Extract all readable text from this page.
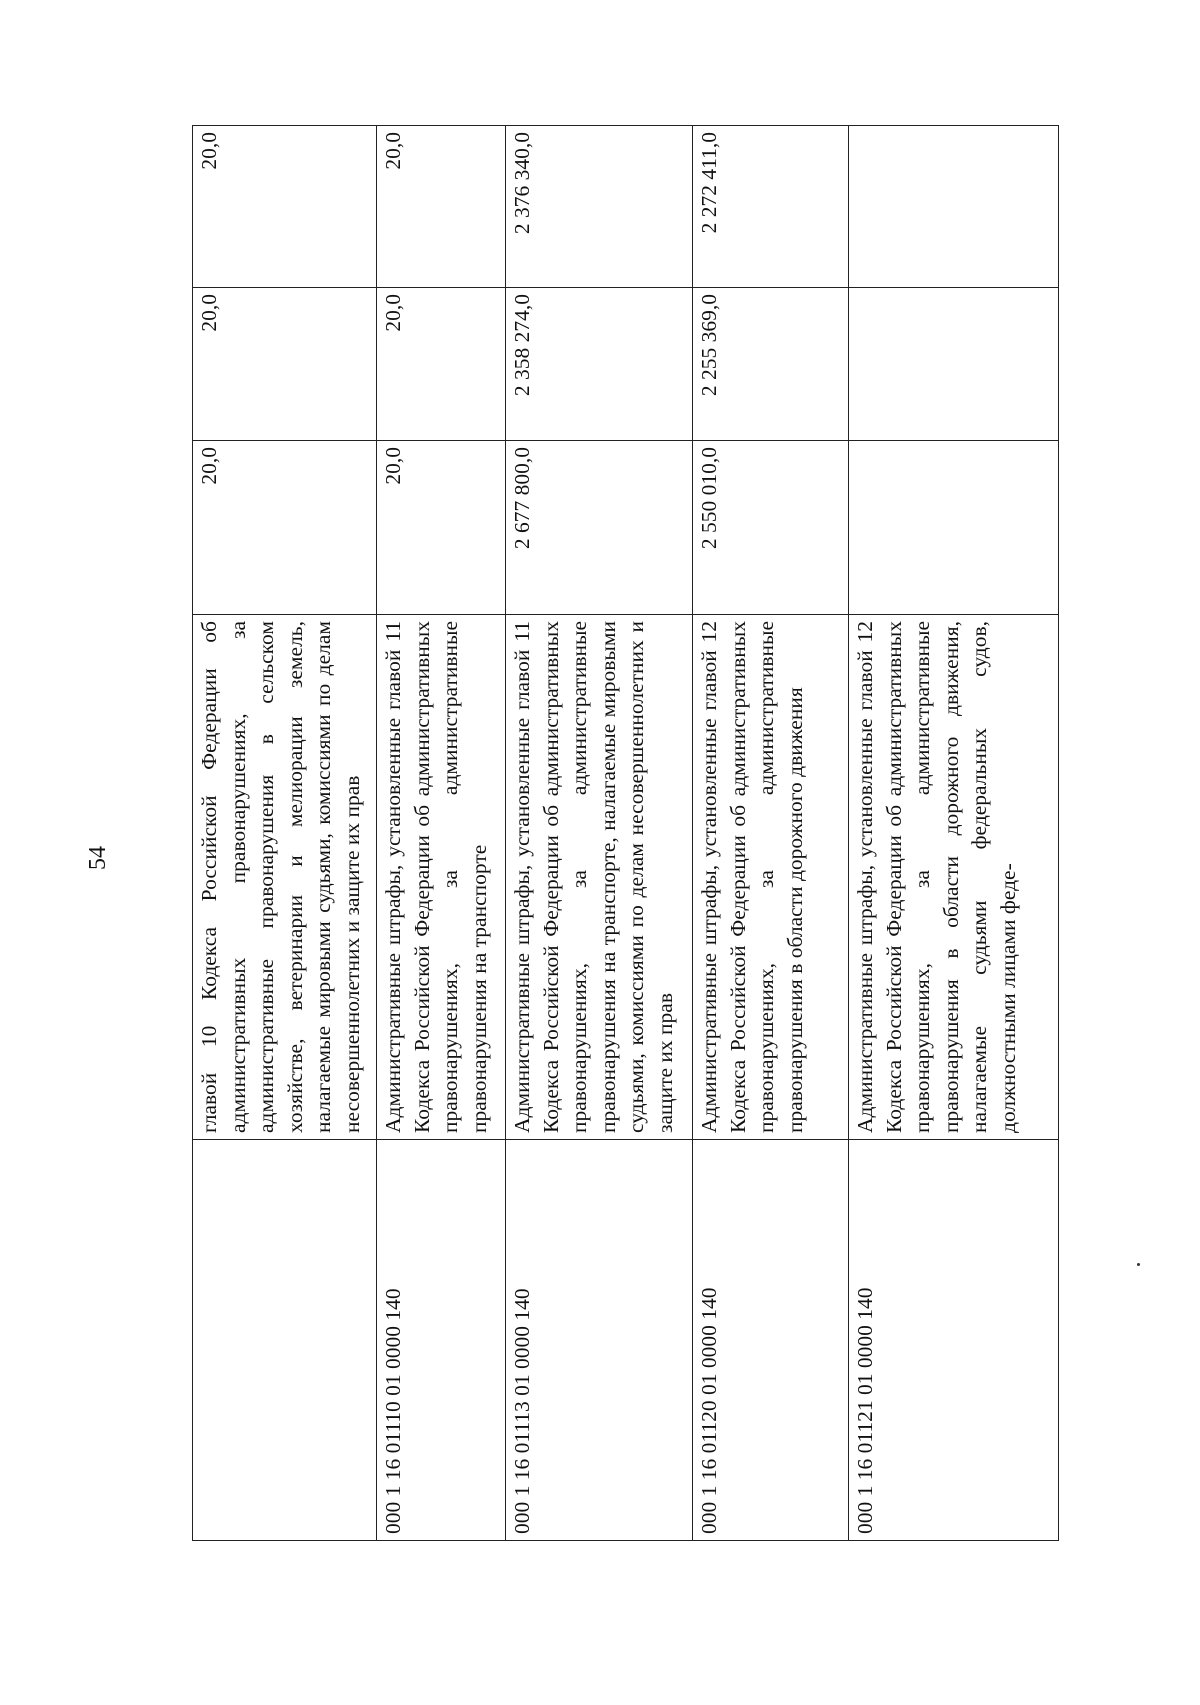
54
		главой 10 Кодекса Российской Федерации об административных правонарушениях, за административные правонарушения в сельском хозяйстве, ветеринарии и мелиорации земель, налагаемые мировыми судьями, комиссиями по делам несовершеннолетних и защите их прав	20,0	20,0	20,0
000 1 16 01110 01 0000 140	Административные штрафы, установленные главой 11 Кодекса Российской Федерации об административных правонарушениях, за административные правонарушения на транспорте	20,0	20,0	20,0
000 1 16 01113 01 0000 140	Административные штрафы, установленные главой 11 Кодекса Российской Федерации об административных правонарушениях, за административные правонарушения на транспорте, налагаемые мировыми судьями, комиссиями по делам несовершеннолетних и защите их прав	2 677 800,0	2 358 274,0	2 376 340,0
000 1 16 01120 01 0000 140	Административные штрафы, установленные главой 12 Кодекса Российской Федерации об административных правонарушениях, за административные правонарушения в области дорожного движения	2 550 010,0	2 255 369,0	2 272 411,0
000 1 16 01121 01 0000 140	Административные штрафы, установленные главой 12 Кодекса Российской Федерации об административных правонарушениях, за административные правонарушения в области дорожного движения, налагаемые судьями федеральных судов, должностными лицами феде-			
